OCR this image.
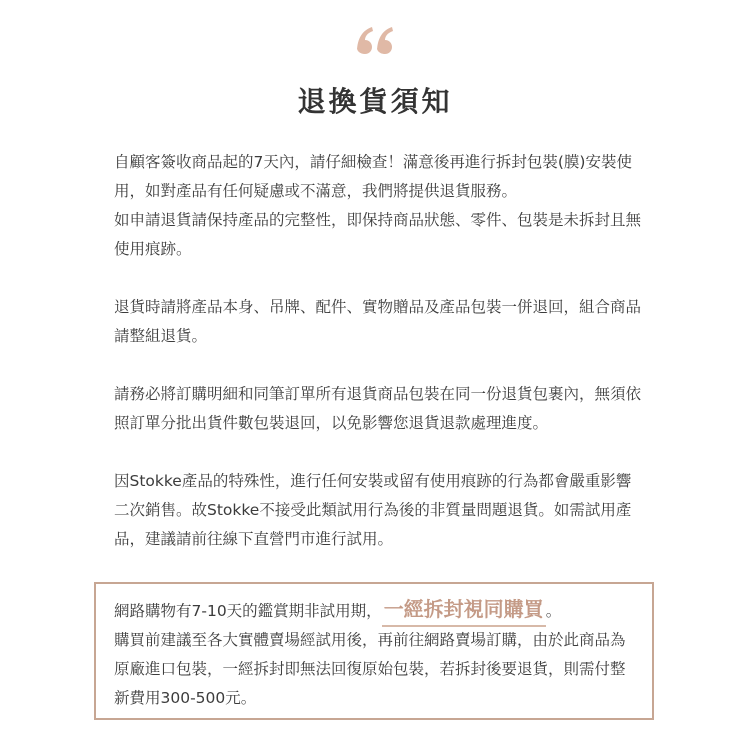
退換貨須知

自顧客簽收商品起的7天內，請仔細檢查！滿意後再進行拆封包裝(膜)安裝使用，如對產品有任何疑慮或不滿意，我們將提供退貨服務。

如申請退貨請保持產品的完整性，即保持商品狀態、零件、包裝是未拆封且無使用痕跡。

退貨時請將產品本身、吊牌、配件、實物贈品及產品包裝一併退回，組合商品請整組退貨。

請務必將訂購明細和同筆訂單所有退貨商品包裝在同一份退貨包裹內，無須依照訂單分批出貨件數包裝退回，以免影響您退貨退款處理進度。

因Stokke產品的特殊性，進行任何安裝或留有使用痕跡的行為都會嚴重影響二次銷售。故Stokke不接受此類試用行為後的非質量問題退貨。如需試用產品，建議請前往線下直營門市進行試用。

網路購物有7-10天的鑑賞期非試用期， 一經拆封視同購買 。

購買前建議至各大實體賣場經試用後，再前往網路賣場訂購，由於此商品為原廠進口包裝，一經拆封即無法回復原始包裝，若拆封後要退貨，則需付整新費用300-500元。
